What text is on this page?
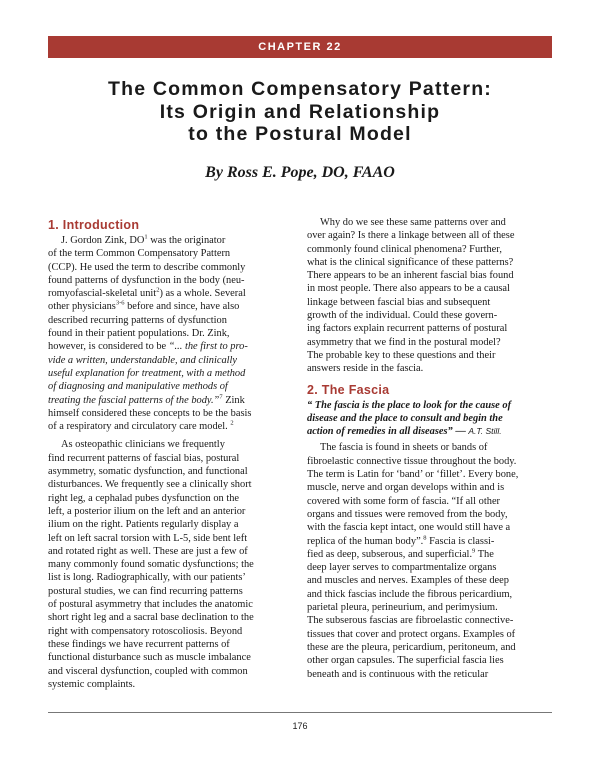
CHAPTER 22
The Common Compensatory Pattern:
Its Origin and Relationship
to the Postural Model
By Ross E. Pope, DO, FAAO
1. Introduction
J. Gordon Zink, $DO^1$ was the originator
of the term Common Compensatory Pattern
(CCP). He used the term to describe commonly
found patterns of dysfunction in the body (neu-
romyofascial-skeletal unit$^2$) as a whole. Several
other physicians$^{3-6}$ before and since, have also
described recurring patterns of dysfunction
found in their patient populations. Dr. Zink,
however, is considered to be “... the first to pro-
vide a written, understandable, and clinically
useful explanation for treatment, with a method
of diagnosing and manipulative methods of
treating the fascial patterns of the body.”$^7$ Zink
himself considered these concepts to be the basis
of a respiratory and circulatory care model. $^2$
As osteopathic clinicians we frequently
find recurrent patterns of fascial bias, postural
asymmetry, somatic dysfunction, and functional
disturbances. We frequently see a clinically short
right leg, a cephalad pubes dysfunction on the
left, a posterior ilium on the left and an anterior
ilium on the right. Patients regularly display a
left on left sacral torsion with L-5, side bent left
and rotated right as well. These are just a few of
many commonly found somatic dysfunctions; the
list is long. Radiographically, with our patients’
postural studies, we can find recurring patterns
of postural asymmetry that includes the anatomic
short right leg and a sacral base declination to the
right with compensatory rotoscoliosis. Beyond
these findings we have recurrent patterns of
functional disturbance such as muscle imbalance
and visceral dysfunction, coupled with common
systemic complaints.
Why do we see these same patterns over and
over again? Is there a linkage between all of these
commonly found clinical phenomena? Further,
what is the clinical significance of these patterns?
There appears to be an inherent fascial bias found
in most people. There also appears to be a causal
linkage between fascial bias and subsequent
growth of the individual. Could these govern-
ing factors explain recurrent patterns of postural
asymmetry that we find in the postural model?
The probable key to these questions and their
answers reside in the fascia.
2. The Fascia
“ The fascia is the place to look for the cause of
disease and the place to consult and begin the
action of remedies in all diseases” — A.T. Still.
The fascia is found in sheets or bands of
fibroelastic connective tissue throughout the body.
The term is Latin for ‘band’ or ‘fillet’. Every bone,
muscle, nerve and organ develops within and is
covered with some form of fascia. “If all other
organs and tissues were removed from the body,
with the fascia kept intact, one would still have a
replica of the human body”.$^8$ Fascia is classi-
fied as deep, subserous, and superficial.$^9$ The
deep layer serves to compartmentalize organs
and muscles and nerves. Examples of these deep
and thick fascias include the fibrous pericardium,
parietal pleura, perineurium, and perimysium.
The subserous fascias are fibroelastic connective-
tissues that cover and protect organs. Examples of
these are the pleura, pericardium, peritoneum, and
other organ capsules. The superficial fascia lies
beneath and is continuous with the reticular
176
